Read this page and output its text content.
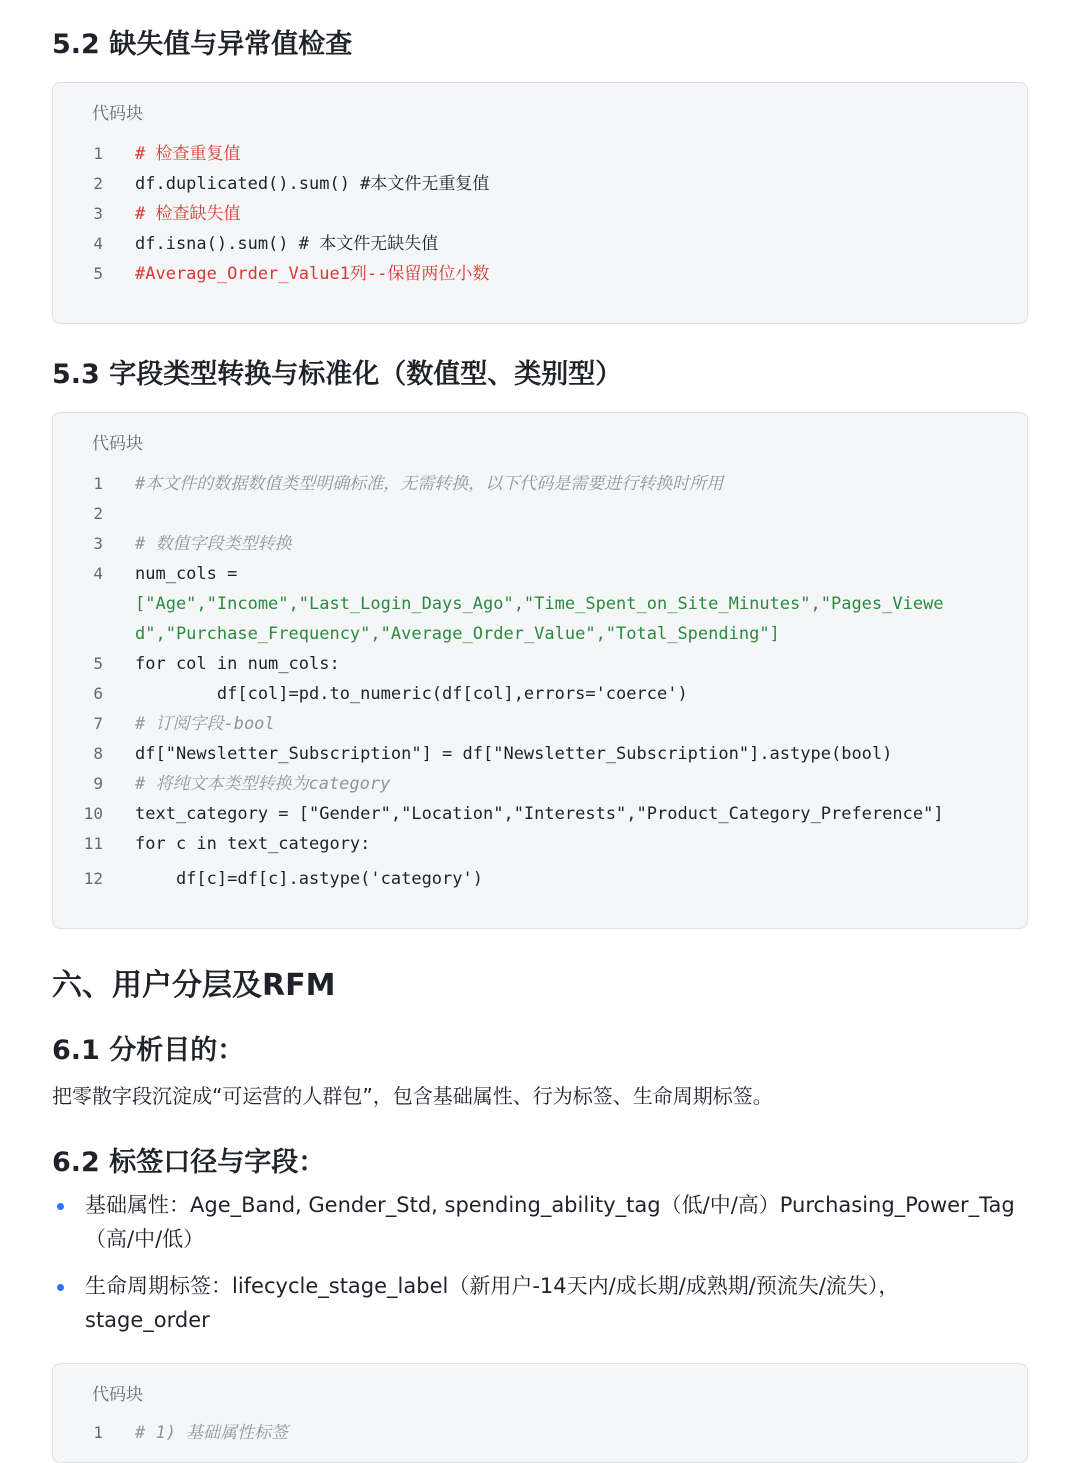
5.2 缺失值与异常值检查
代码块
1 # 检查重复值
2 df.duplicated().sum() #本文件无重复值
3 # 检查缺失值
4 df.isna().sum() # 本文件无缺失值
5 #Average_Order_Value1列--保留两位小数
5.3 字段类型转换与标准化（数值型、类别型）
代码块
1 #本文件的数据数值类型明确标准，无需转换，以下代码是需要进行转换时所用
2
3 # 数值字段类型转换
4 num_cols =
["Age","Income","Last_Login_Days_Ago","Time_Spent_on_Site_Minutes","Pages_Viewe
d","Purchase_Frequency","Average_Order_Value","Total_Spending"]
5 for col in num_cols:
6 df[col]=pd.to_numeric(df[col],errors='coerce')
7 # 订阅字段-bool
8 df["Newsletter_Subscription"] = df["Newsletter_Subscription"].astype(bool)
9 # 将纯文本类型转换为category
10 text_category = ["Gender","Location","Interests","Product_Category_Preference"]
11 for c in text_category:
12 df[c]=df[c].astype('category')
六、用户分层及RFM
6.1 分析目的：

把零散字段沉淀成“可运营的人群包”，包含基础属性、行为标签、生命周期标签。

6.2 标签口径与字段：
基础属性：Age_Band, Gender_Std, spending_ability_tag（低/中/高）Purchasing_Power_Tag
（高/中/低）
生命周期标签：lifecycle_stage_label（新用户-14天内/成长期/成熟期/预流失/流失），
stage_order
代码块
1 # 1) 基础属性标签
